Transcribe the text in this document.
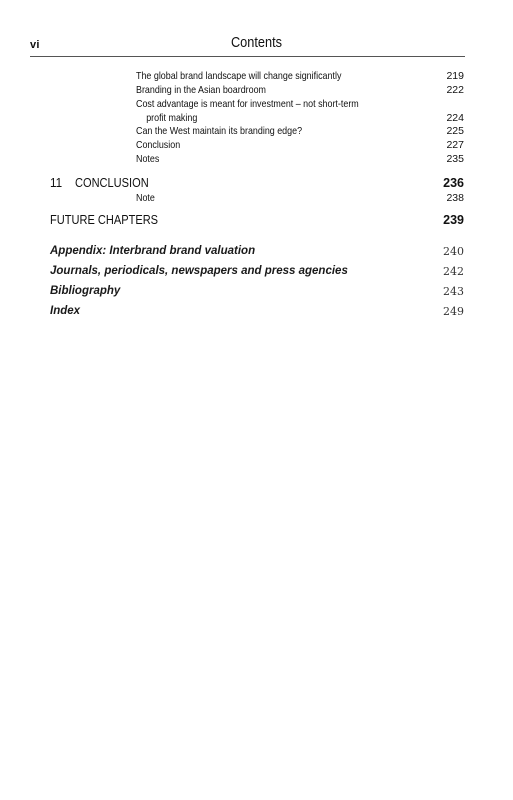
vi	Contents
The global brand landscape will change significantly	219
Branding in the Asian boardroom	222
Cost advantage is meant for investment – not short-term
profit making	224
Can the West maintain its branding edge?	225
Conclusion	227
Notes	235
11 CONCLUSION	236
Note	238
FUTURE CHAPTERS	239
Appendix: Interbrand brand valuation	240
Journals, periodicals, newspapers and press agencies	242
Bibliography	243
Index	249
